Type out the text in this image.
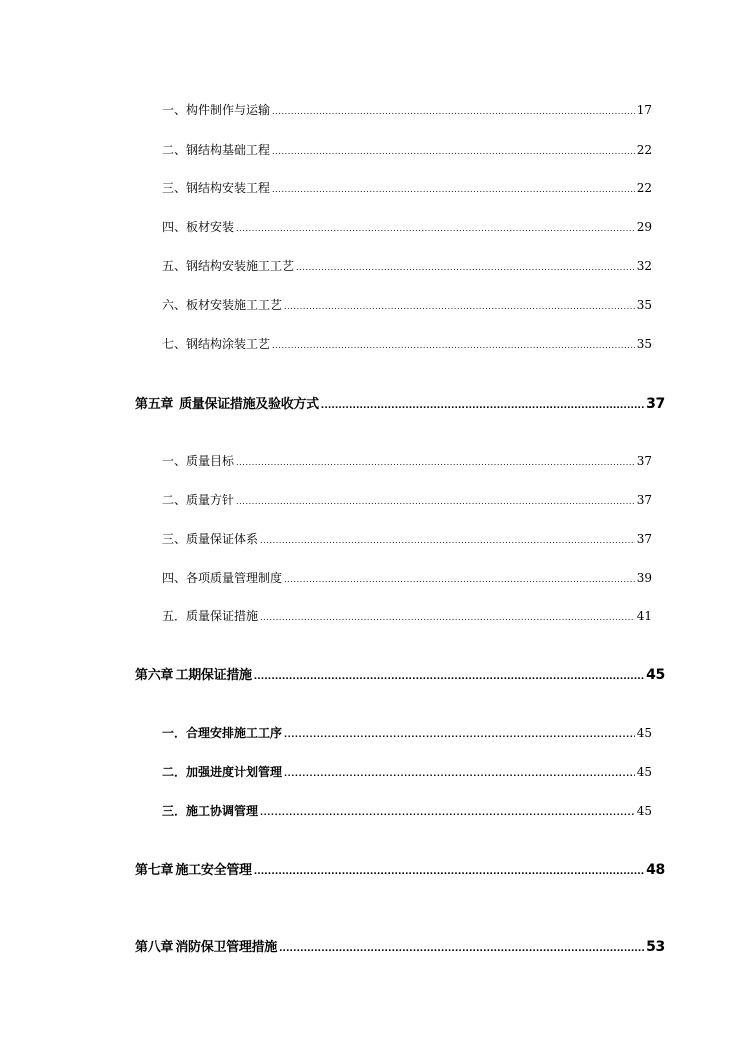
一、构件制作与运输 .....	17
二、钢结构基础工程 .....	22
三、钢结构安装工程 .....	22
四、板材安装 .....	29
五、钢结构安装施工工艺 .....	32
六、板材安装施工工艺 .....	35
七、钢结构涂装工艺 .....	35
第五章 质量保证措施及验收方式 .....	37
一、质量目标 .....	37
二、质量方针 .....	37
三、质量保证体系 .....	37
四、各项质量管理制度 .....	39
五．质量保证措施 .....	41
第六章 工期保证措施 .....	45
一．合理安排施工工序 .....	45
二．加强进度计划管理 .....	45
三．施工协调管理 .....	45
第七章 施工安全管理 .....	48
第八章 消防保卫管理措施 .....	53
